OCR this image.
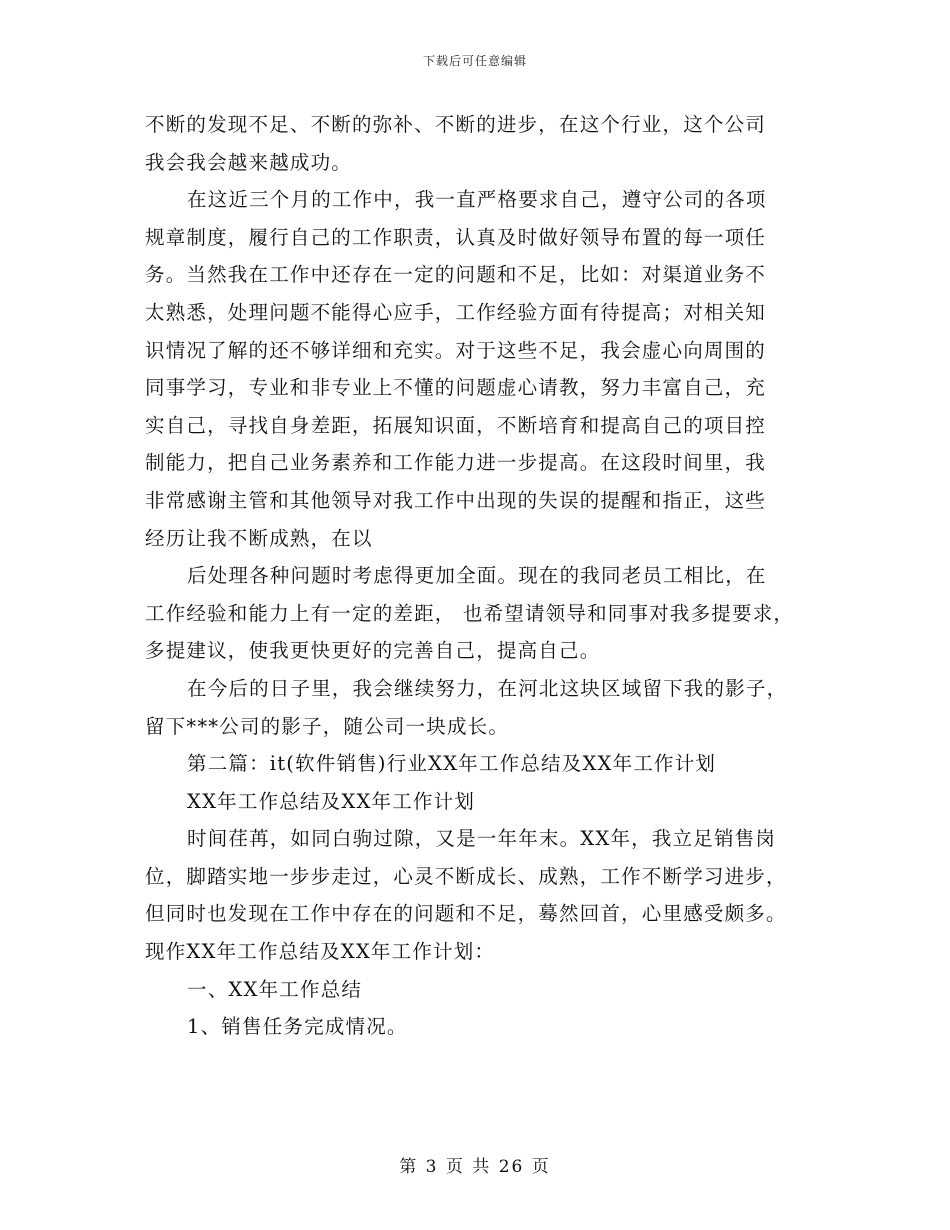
下载后可任意编辑
不断的发现不足、不断的弥补、不断的进步，在这个行业，这个公司
我会我会越来越成功。
在这近三个月的工作中，我一直严格要求自己，遵守公司的各项
规章制度，履行自己的工作职责，认真及时做好领导布置的每一项任
务。当然我在工作中还存在一定的问题和不足，比如：对渠道业务不
太熟悉，处理问题不能得心应手，工作经验方面有待提高；对相关知
识情况了解的还不够详细和充实。对于这些不足，我会虚心向周围的
同事学习，专业和非专业上不懂的问题虚心请教，努力丰富自己，充
实自己，寻找自身差距，拓展知识面，不断培育和提高自己的项目控
制能力，把自己业务素养和工作能力进一步提高。在这段时间里，我
非常感谢主管和其他领导对我工作中出现的失误的提醒和指正，这些
经历让我不断成熟，在以
后处理各种问题时考虑得更加全面。现在的我同老员工相比，在
工作经验和能力上有一定的差距， 也希望请领导和同事对我多提要求，
多提建议，使我更快更好的完善自己，提高自己。
在今后的日子里，我会继续努力，在河北这块区域留下我的影子，
留下***公司的影子，随公司一块成长。
第二篇：it(软件销售)行业XX年工作总结及XX年工作计划
XX年工作总结及XX年工作计划
时间荏苒，如同白驹过隙，又是一年年末。XX年，我立足销售岗
位，脚踏实地一步步走过，心灵不断成长、成熟，工作不断学习进步，
但同时也发现在工作中存在的问题和不足，蓦然回首，心里感受颇多。
现作XX年工作总结及XX年工作计划：
一、XX年工作总结
1、销售任务完成情况。
第 3 页 共 26 页
